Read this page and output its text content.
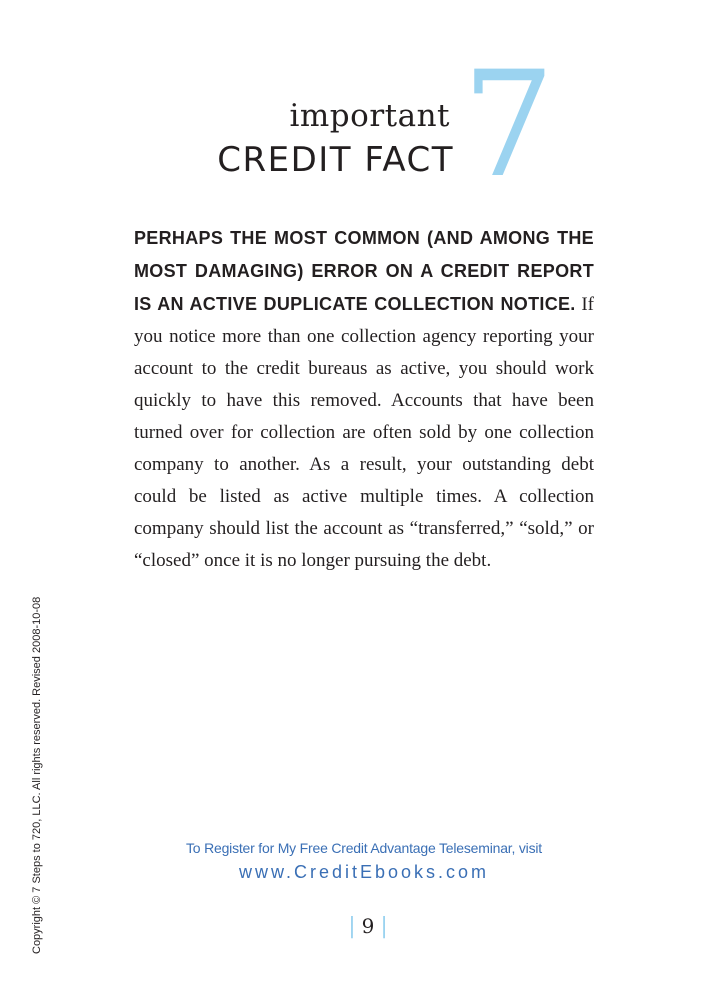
important
CREDIT FACT 7
PERHAPS THE MOST COMMON (AND AMONG THE MOST DAMAGING) ERROR ON A CREDIT REPORT IS AN ACTIVE DUPLICATE COLLECTION NOTICE. If you notice more than one collection agency reporting your account to the credit bureaus as active, you should work quickly to have this removed. Accounts that have been turned over for collection are often sold by one collection company to another. As a result, your outstanding debt could be listed as active multiple times. A collection company should list the account as “transferred,” “sold,” or “closed” once it is no longer pursuing the debt.
Copyright © 7 Steps to 720, LLC. All rights reserved. Revised 2008-10-08	To Register for My Free Credit Advantage Teleseminar, visit
www.CreditEbooks.com
| 9 |
